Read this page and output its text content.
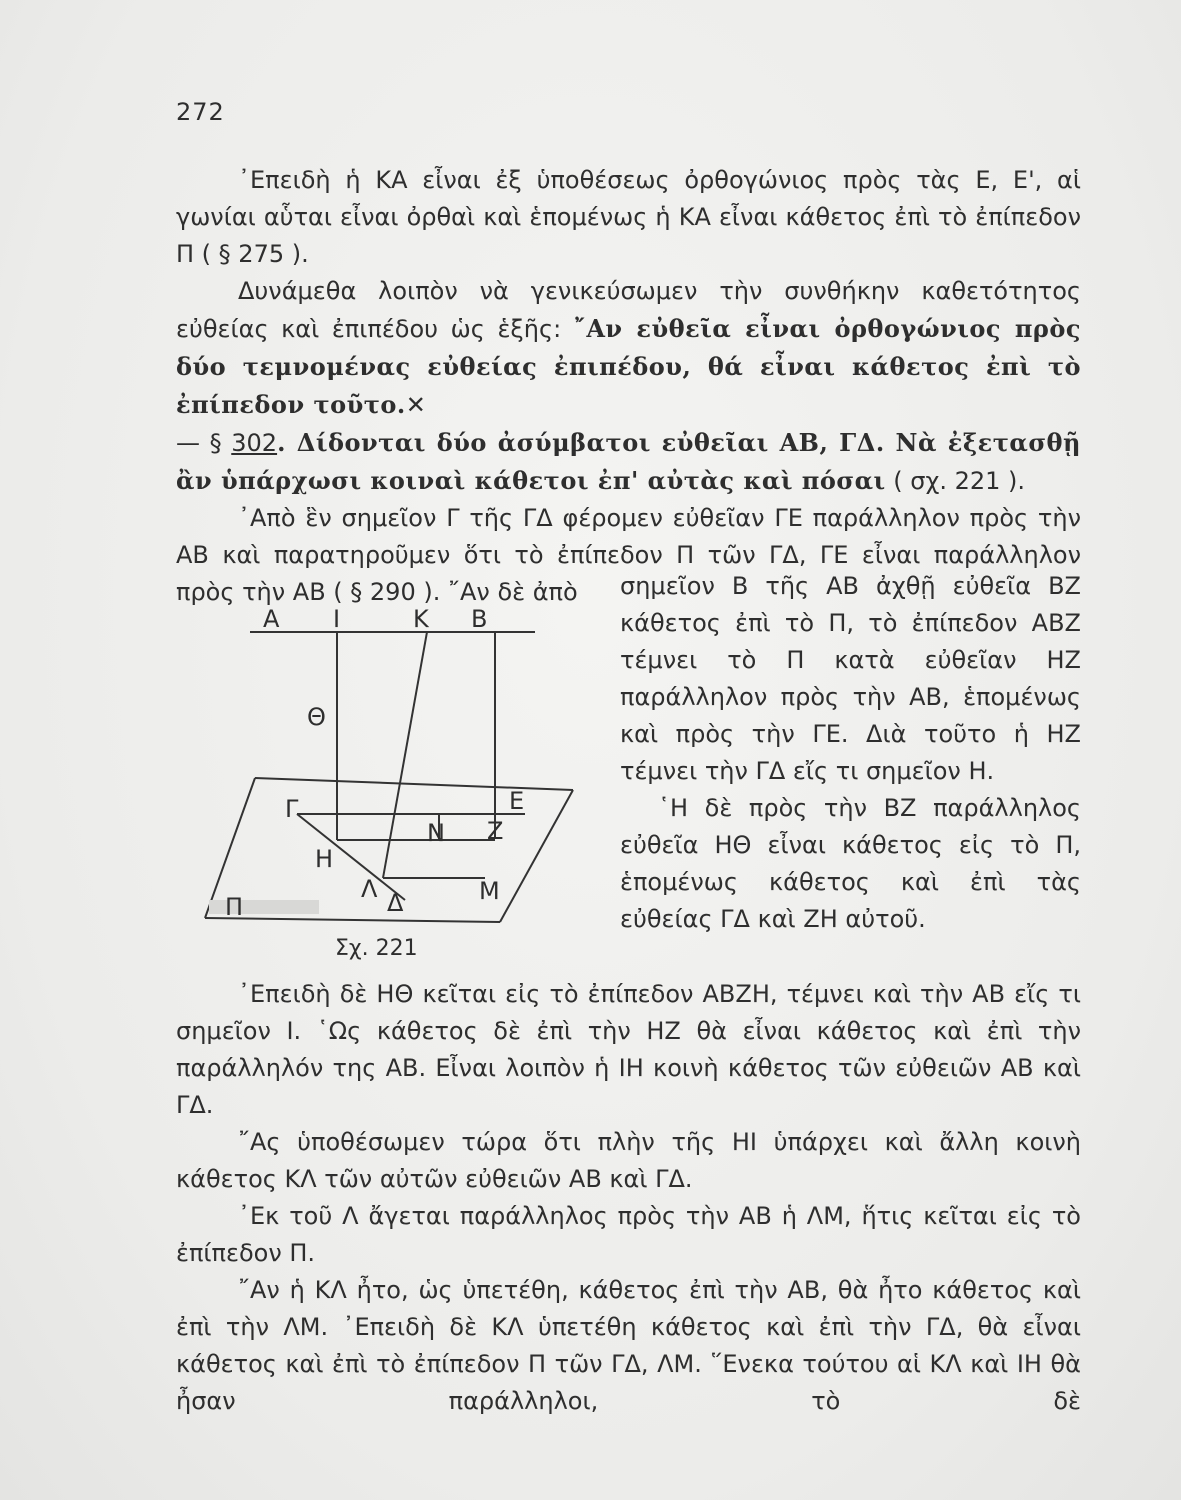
272

᾿Επειδὴ ἡ ΚΑ εἶναι ἐξ ὑποθέσεως ὀρθογώνιος πρὸς τὰς Ε, Ε', αἱ γωνίαι αὗται εἶναι ὀρθαὶ καὶ ἑπομένως ἡ ΚΑ εἶναι κάθετος ἐπὶ τὸ ἐπίπεδον Π ( § 275 ).

Δυνάμεθα λοιπὸν νὰ γενικεύσωμεν τὴν συνθήκην καθετότητος εὐθείας καὶ ἐπιπέδου ὡς ἑξῆς: ῎Αν εὐθεῖα εἶναι ὀρθογώνιος πρὸς δύο τεμνομένας εὐθείας ἐπιπέδου, θά εἶναι κάθετος ἐπὶ τὸ ἐπίπεδον τοῦτο.✕

— § 302. Δίδονται δύο ἀσύμβατοι εὐθεῖαι ΑΒ, ΓΔ. Νὰ ἐξετασθῇ ἂν ὑπάρχωσι κοιναὶ κάθετοι ἐπ' αὐτὰς καὶ πόσαι ( σχ. 221 ).

᾿Απὸ ἓν σημεῖον Γ τῆς ΓΔ φέρομεν εὐθεῖαν ΓΕ παράλληλον πρὸς τὴν ΑΒ καὶ παρατηροῦμεν ὅτι τὸ ἐπίπεδον Π τῶν ΓΔ, ΓΕ εἶναι παράλληλον πρὸς τὴν ΑΒ ( § 290 ). ῎Αν δὲ ἀπὸ

Α Ι	Κ Β
Θ
Γ	Ε
Ν Ζ
Η
Λ Δ	Μ
Π
Σχ. 221

σημεῖον Β τῆς ΑΒ ἀχθῇ εὐθεῖα ΒΖ κάθετος ἐπὶ τὸ Π, τὸ ἐπίπεδον ΑΒΖ τέμνει τὸ Π κατὰ εὐθεῖαν ΗΖ παράλληλον πρὸς τὴν ΑΒ, ἑπομένως καὶ πρὸς τὴν ΓΕ. Διὰ τοῦτο ἡ ΗΖ τέμνει τὴν ΓΔ εἴς τι σημεῖον Η.

῾Η δὲ πρὸς τὴν ΒΖ παράλληλος εὐθεῖα ΗΘ εἶναι κάθετος εἰς τὸ Π, ἑπομένως κάθετος καὶ ἐπὶ τὰς εὐθείας ΓΔ καὶ ΖΗ αὐτοῦ.

᾿Επειδὴ δὲ ΗΘ κεῖται εἰς τὸ ἐπίπεδον ΑΒΖΗ, τέμνει καὶ τὴν ΑΒ εἴς τι σημεῖον Ι. ῾Ως κάθετος δὲ ἐπὶ τὴν ΗΖ θὰ εἶναι κάθετος καὶ ἐπὶ τὴν παράλληλόν της ΑΒ. Εἶναι λοιπὸν ἡ ΙΗ κοινὴ κάθετος τῶν εὐθειῶν ΑΒ καὶ ΓΔ.

῎Ας ὑποθέσωμεν τώρα ὅτι πλὴν τῆς ΗΙ ὑπάρχει καὶ ἄλλη κοινὴ κάθετος ΚΛ τῶν αὐτῶν εὐθειῶν ΑΒ καὶ ΓΔ.

᾿Εκ τοῦ Λ ἄγεται παράλληλος πρὸς τὴν ΑΒ ἡ ΛΜ, ἥτις κεῖται εἰς τὸ ἐπίπεδον Π.

῎Αν ἡ ΚΛ ἦτο, ὡς ὑπετέθη, κάθετος ἐπὶ τὴν ΑΒ, θὰ ἦτο κάθετος καὶ ἐπὶ τὴν ΛΜ. ᾿Επειδὴ δὲ ΚΛ ὑπετέθη κάθετος καὶ ἐπὶ τὴν ΓΔ, θὰ εἶναι κάθετος καὶ ἐπὶ τὸ ἐπίπεδον Π τῶν ΓΔ, ΛΜ. ῞Ενεκα τούτου αἱ ΚΛ καὶ ΙΗ θὰ ἦσαν παράλληλοι, τὸ δὲ
